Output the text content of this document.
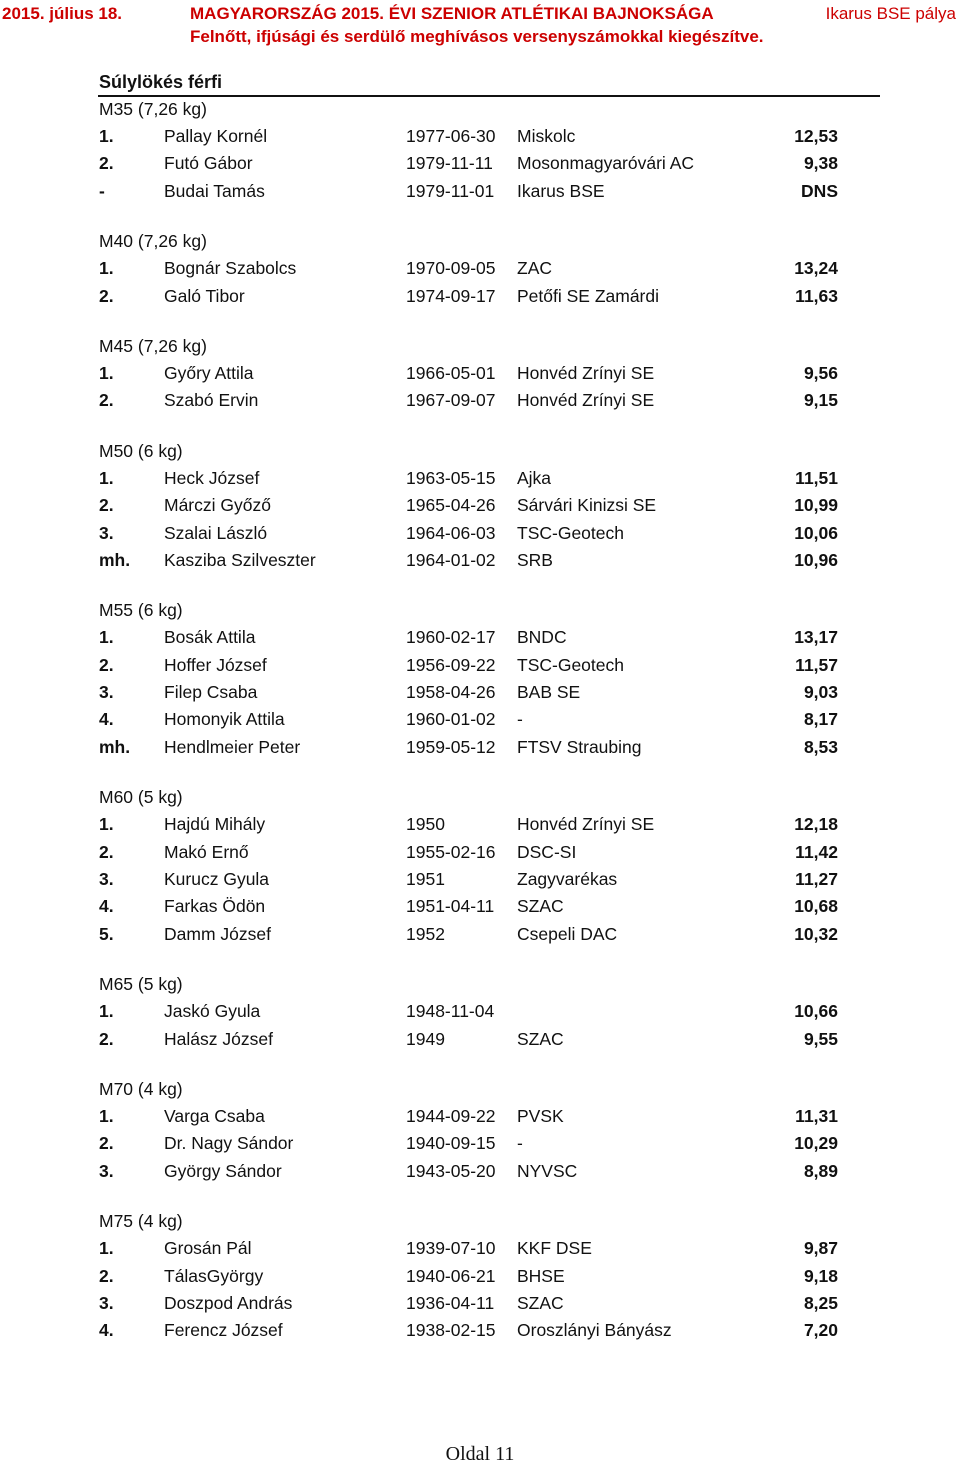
2015. július 18.	MAGYARORSZÁG 2015. ÉVI SZENIOR ATLÉTIKAI BAJNOKSÁGA	Ikarus BSE pálya
Felnőtt, ifjúsági és serdülő meghívásos versenyszámokkal kiegészítve.
Súlylökés férfi
M35 (7,26 kg)
1.	Pallay Kornél	1977-06-30 Miskolc	12,53
2.	Futó Gábor	1979-11-11 Mosonmagyaróvári AC	9,38
-	Budai Tamás	1979-11-01 Ikarus BSE	DNS
M40 (7,26 kg)
1.	Bognár Szabolcs	1970-09-05 ZAC	13,24
2.	Galó Tibor	1974-09-17 Petőfi SE Zamárdi	11,63
M45 (7,26 kg)
1.	Győry Attila	1966-05-01 Honvéd Zrínyi SE	9,56
2.	Szabó Ervin	1967-09-07 Honvéd Zrínyi SE	9,15
M50 (6 kg)
1.	Heck József	1963-05-15 Ajka	11,51
2.	Márczi Győző	1965-04-26 Sárvári Kinizsi SE	10,99
3.	Szalai László	1964-06-03 TSC-Geotech	10,06
mh. Kasziba Szilveszter	1964-01-02 SRB	10,96
M55 (6 kg)
1.	Bosák Attila	1960-02-17 BNDC	13,17
2.	Hoffer József	1956-09-22 TSC-Geotech	11,57
3.	Filep Csaba	1958-04-26 BAB SE	9,03
4.	Homonyik Attila	1960-01-02 -	8,17
mh. Hendlmeier Peter	1959-05-12 FTSV Straubing	8,53
M60 (5 kg)
1.	Hajdú Mihály	1950	Honvéd Zrínyi SE	12,18
2.	Makó Ernő	1955-02-16 DSC-SI	11,42
3.	Kurucz Gyula	1951	Zagyvarékas	11,27
4.	Farkas Ödön	1951-04-11 SZAC	10,68
5.	Damm József	1952	Csepeli DAC	10,32
M65 (5 kg)
1.	Jaskó Gyula	1948-11-04	10,66
2.	Halász József	1949	SZAC	9,55
M70 (4 kg)
1.	Varga Csaba	1944-09-22 PVSK	11,31
2.	Dr. Nagy Sándor	1940-09-15 -	10,29
3.	György Sándor	1943-05-20 NYVSC	8,89
M75 (4 kg)
1.	Grosán Pál	1939-07-10 KKF DSE	9,87
2.	TálasGyörgy	1940-06-21 BHSE	9,18
3.	Doszpod András	1936-04-11 SZAC	8,25
4.	Ferencz József	1938-02-15 Oroszlányi Bányász	7,20
Oldal 11
